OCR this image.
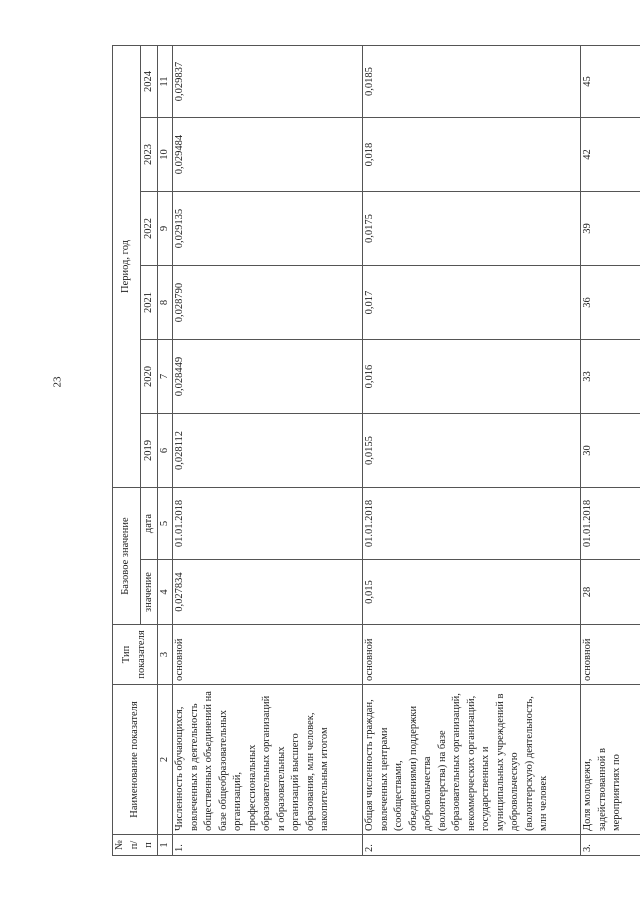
23
№ п/п	Наименование показателя	Тип показателя	Базовое значение		Период, год					
			значение	дата	2019	2020	2021	2022	2023	2024
1	2	3	4	5	6	7	8	9	10	11
1.	Численность обучающихся, вовлеченных в деятельность общественных объединений на базе общеобразовательных организаций, профессиональных образовательных организаций и образовательных организаций высшего образования, млн человек, накопительным итогом	основной	0,027834	01.01.2018	0,028112	0,028449	0,028790	0,029135	0,029484	0,029837
2.	Общая численность граждан, вовлеченных центрами (сообществами, объединениями) поддержки добровольчества (волонтерства) на базе образовательных организаций, некоммерческих организаций, государственных и муниципальных учреждений в добровольческую (волонтерскую) деятельность, млн человек	основной	0,015	01.01.2018	0,0155	0,016	0,017	0,0175	0,018	0,0185
3.	Доля молодежи, задействованной в мероприятиях по	основной	28	01.01.2018	30	33	36	39	42	45
